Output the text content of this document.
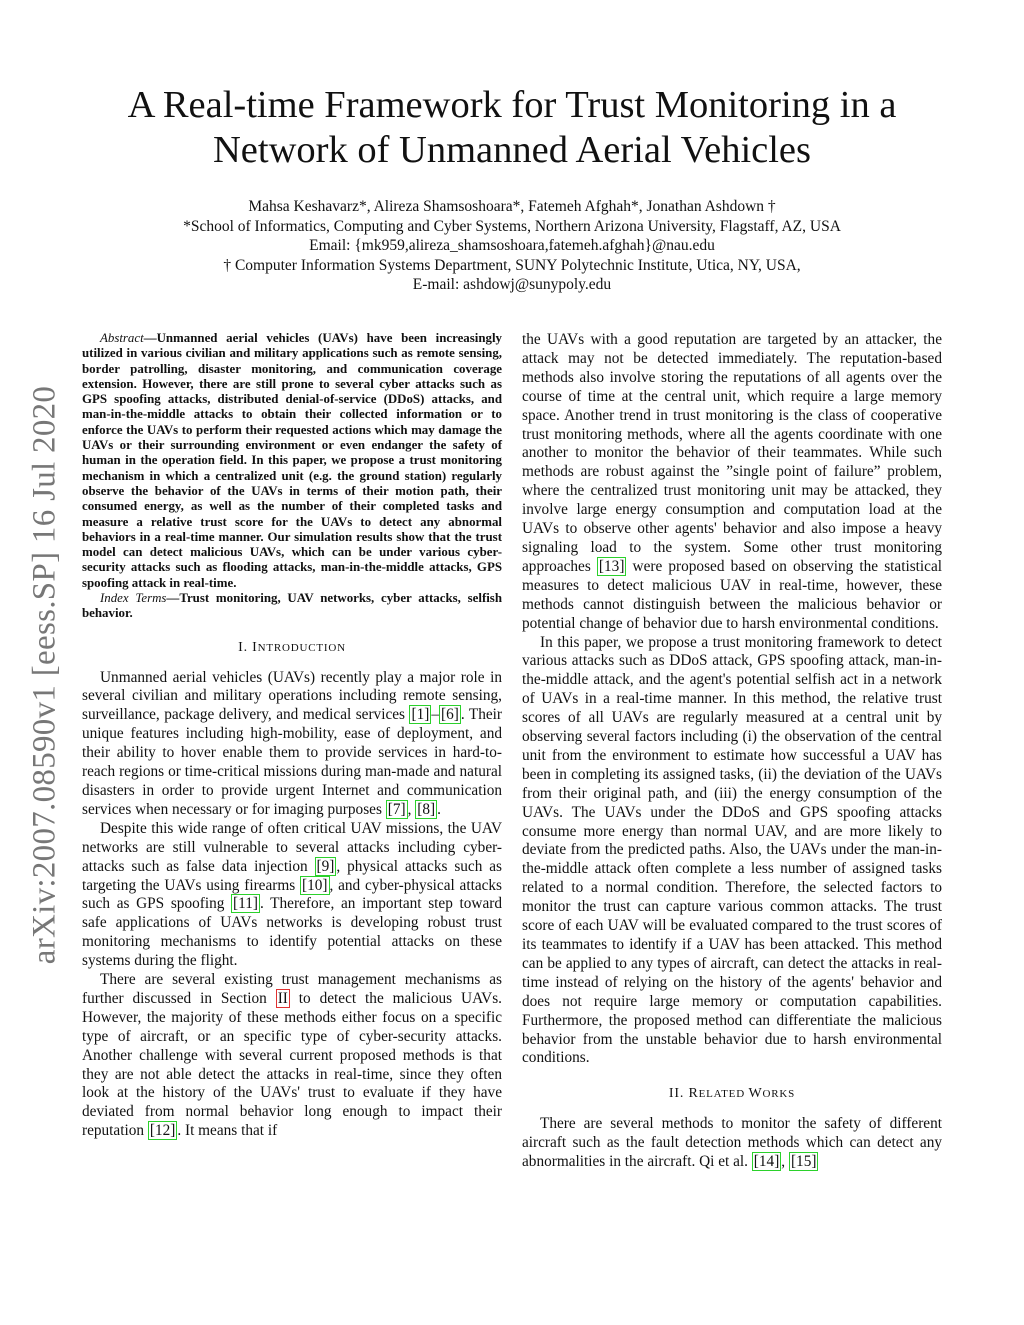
A Real-time Framework for Trust Monitoring in a
Network of Unmanned Aerial Vehicles
Mahsa Keshavarz*, Alireza Shamsoshoara*, Fatemeh Afghah*, Jonathan Ashdown †
*School of Informatics, Computing and Cyber Systems, Northern Arizona University, Flagstaff, AZ, USA
Email: {mk959,alireza_shamsoshoara,fatemeh.afghah}@nau.edu
† Computer Information Systems Department, SUNY Polytechnic Institute, Utica, NY, USA,
E-mail: ashdowj@sunypoly.edu
arXiv:2007.08590v1 [eess.SP] 16 Jul 2020

Abstract—Unmanned aerial vehicles (UAVs) have been increasingly utilized in various civilian and military applications such as remote sensing, border patrolling, disaster monitoring, and communication coverage extension. However, there are still prone to several cyber attacks such as GPS spoofing attacks, distributed denial-of-service (DDoS) attacks, and man-in-the-middle attacks to obtain their collected information or to enforce the UAVs to perform their requested actions which may damage the UAVs or their surrounding environment or even endanger the safety of human in the operation field. In this paper, we propose a trust monitoring mechanism in which a centralized unit (e.g. the ground station) regularly observe the behavior of the UAVs in terms of their motion path, their consumed energy, as well as the number of their completed tasks and measure a relative trust score for the UAVs to detect any abnormal behaviors in a real-time manner. Our simulation results show that the trust model can detect malicious UAVs, which can be under various cyber-security attacks such as flooding attacks, man-in-the-middle attacks, GPS spoofing attack in real-time.

Index Terms—Trust monitoring, UAV networks, cyber attacks, selfish behavior.

I. INTRODUCTION

Unmanned aerial vehicles (UAVs) recently play a major role in several civilian and military operations including remote sensing, surveillance, package delivery, and medical services [1] – [6] . Their unique features including high-mobility, ease of deployment, and their ability to hover enable them to provide services in hard-to-reach regions or time-critical missions during man-made and natural disasters in order to provide urgent Internet and communication services when necessary or for imaging purposes [7] , [8] .

Despite this wide range of often critical UAV missions, the UAV networks are still vulnerable to several attacks including cyber-attacks such as false data injection [9] , physical attacks such as targeting the UAVs using firearms [10] , and cyber-physical attacks such as GPS spoofing [11] . Therefore, an important step toward safe applications of UAVs networks is developing robust trust monitoring mechanisms to identify potential attacks on these systems during the flight.

There are several existing trust management mechanisms as further discussed in Section II to detect the malicious UAVs. However, the majority of these methods either focus on a specific type of aircraft, or an specific type of cyber-security attacks. Another challenge with several current proposed methods is that they are not able detect the attacks in real-time, since they often look at the history of the UAVs' trust to evaluate if they have deviated from normal behavior long enough to impact their reputation [12] . It means that if

the UAVs with a good reputation are targeted by an attacker, the attack may not be detected immediately. The reputation-based methods also involve storing the reputations of all agents over the course of time at the central unit, which require a large memory space. Another trend in trust monitoring is the class of cooperative trust monitoring methods, where all the agents coordinate with one another to monitor the behavior of their teammates. While such methods are robust against the ”single point of failure” problem, where the centralized trust monitoring unit may be attacked, they involve large energy consumption and computation load at the UAVs to observe other agents' behavior and also impose a heavy signaling load to the system. Some other trust monitoring approaches [13] were proposed based on observing the statistical measures to detect malicious UAV in real-time, however, these methods cannot distinguish between the malicious behavior or potential change of behavior due to harsh environmental conditions.

In this paper, we propose a trust monitoring framework to detect various attacks such as DDoS attack, GPS spoofing attack, man-in-the-middle attack, and the agent's potential selfish act in a network of UAVs in a real-time manner. In this method, the relative trust scores of all UAVs are regularly measured at a central unit by observing several factors including (i) the observation of the central unit from the environment to estimate how successful a UAV has been in completing its assigned tasks, (ii) the deviation of the UAVs from their original path, and (iii) the energy consumption of the UAVs. The UAVs under the DDoS and GPS spoofing attacks consume more energy than normal UAV, and are more likely to deviate from the predicted paths. Also, the UAVs under the man-in-the-middle attack often complete a less number of assigned tasks related to a normal condition. Therefore, the selected factors to monitor the trust can capture various common attacks. The trust score of each UAV will be evaluated compared to the trust scores of its teammates to identify if a UAV has been attacked. This method can be applied to any types of aircraft, can detect the attacks in real-time instead of relying on the history of the agents' behavior and does not require large memory or computation capabilities. Furthermore, the proposed method can differentiate the malicious behavior from the unstable behavior due to harsh environmental conditions.

II. RELATED WORKS

There are several methods to monitor the safety of different aircraft such as the fault detection methods which can detect any abnormalities in the aircraft. Qi et al. [14] , [15]
